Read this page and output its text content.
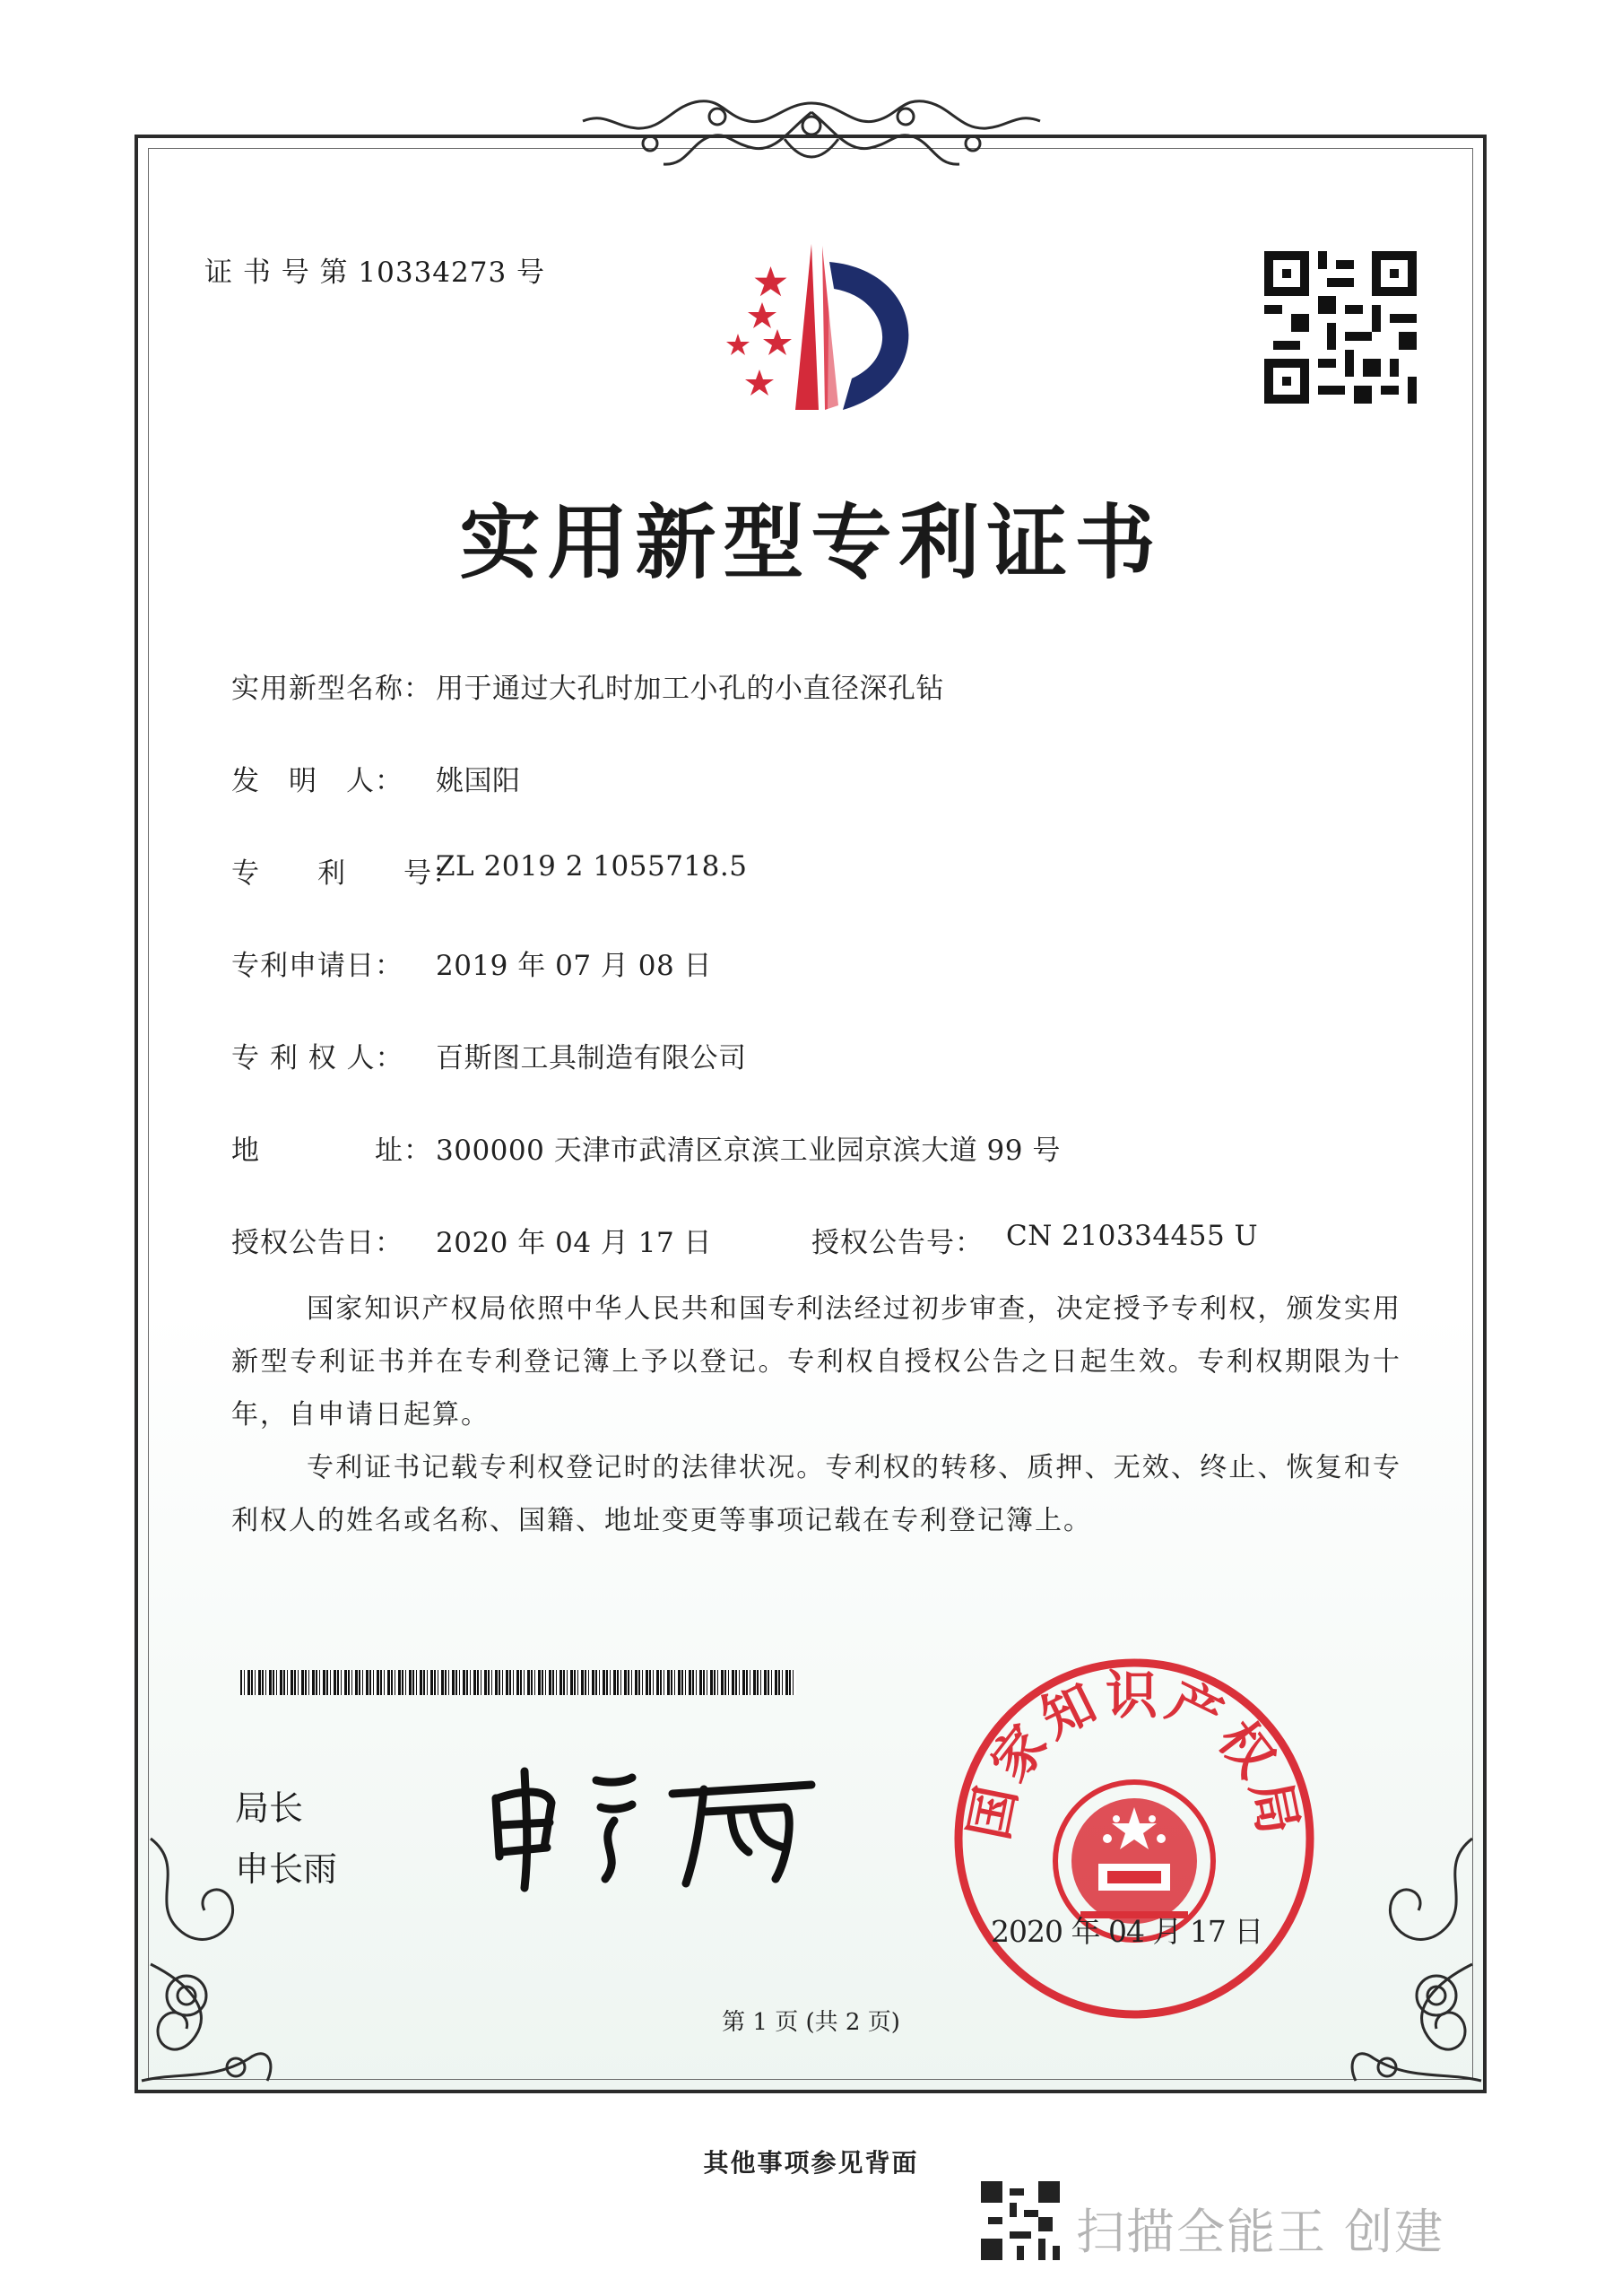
证 书 号 第 10334273 号
实用新型专利证书
实用新型名称： 用于通过大孔时加工小孔的小直径深孔钻
发　明　人： 姚国阳
专　　利　　号：
ZL 2019 2 1055718.5
专利申请日： 2019 年 07 月 08 日
专 利 权 人： 百斯图工具制造有限公司
地　　　　址： 300000 天津市武清区京滨工业园京滨大道 99 号
授权公告日： 2020 年 04 月 17 日	授权公告号： CN 210334455 U

国家知识产权局依照中华人民共和国专利法经过初步审查，决定授予专利权，颁发实用新型专利证书并在专利登记簿上予以登记。专利权自授权公告之日起生效。专利权期限为十年，自申请日起算。

专利证书记载专利权登记时的法律状况。专利权的转移、质押、无效、终止、恢复和专利权人的姓名或名称、国籍、地址变更等事项记载在专利登记簿上。

局长
申长雨
国家知识产权局
2020 年 04 月 17 日
第 1 页 (共 2 页)
其他事项参见背面
扫描全能王 创建
